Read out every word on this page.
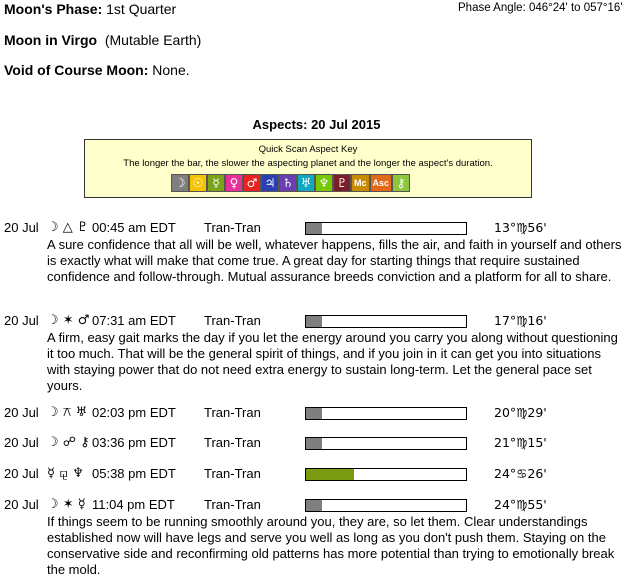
Moon's Phase: 1st Quarter	Phase Angle: 046°24' to 057°16'
Moon in Virgo (Mutable Earth)
Void of Course Moon: None.
Aspects: 20 Jul 2015
Quick Scan Aspect Key
The longer the bar, the slower the aspecting planet and the longer the aspect's duration.
☽ ☉ ☿ ♀ ♂ ♃ ♄ ♅ ♆ ♇ Mc Asc ⚷
20 Jul ☽ △ ♇ 00:45 am EDT Tran-Tran	13°♍56'
A sure confidence that all will be well, whatever happens, fills the air, and faith in yourself and others is exactly what will make that come true. A great day for starting things that require sustained confidence and follow-through. Mutual assurance breeds conviction and a platform for all to share.
20 Jul ☽ ✶ ♂ 07:31 am EDT Tran-Tran	17°♍16'
A firm, easy gait marks the day if you let the energy around you carry you along without questioning it too much. That will be the general spirit of things, and if you join in it can get you into situations with staying power that do not need extra energy to sustain long-term. Let the general pace set yours.
20 Jul ☽ ⚻ ♅ 02:03 pm EDT Tran-Tran	20°♍29'
20 Jul ☽ ☍ ⚷ 03:36 pm EDT Tran-Tran	21°♍15'
20 Jul ☿ ⚼ ♆ 05:38 pm EDT Tran-Tran	24°♋26'
20 Jul ☽ ✶ ☿ 11:04 pm EDT Tran-Tran	24°♍55'
If things seem to be running smoothly around you, they are, so let them. Clear understandings established now will have legs and serve you well as long as you don't push them. Staying on the conservative side and reconfirming old patterns has more potential than trying to emotionally break the mold.
